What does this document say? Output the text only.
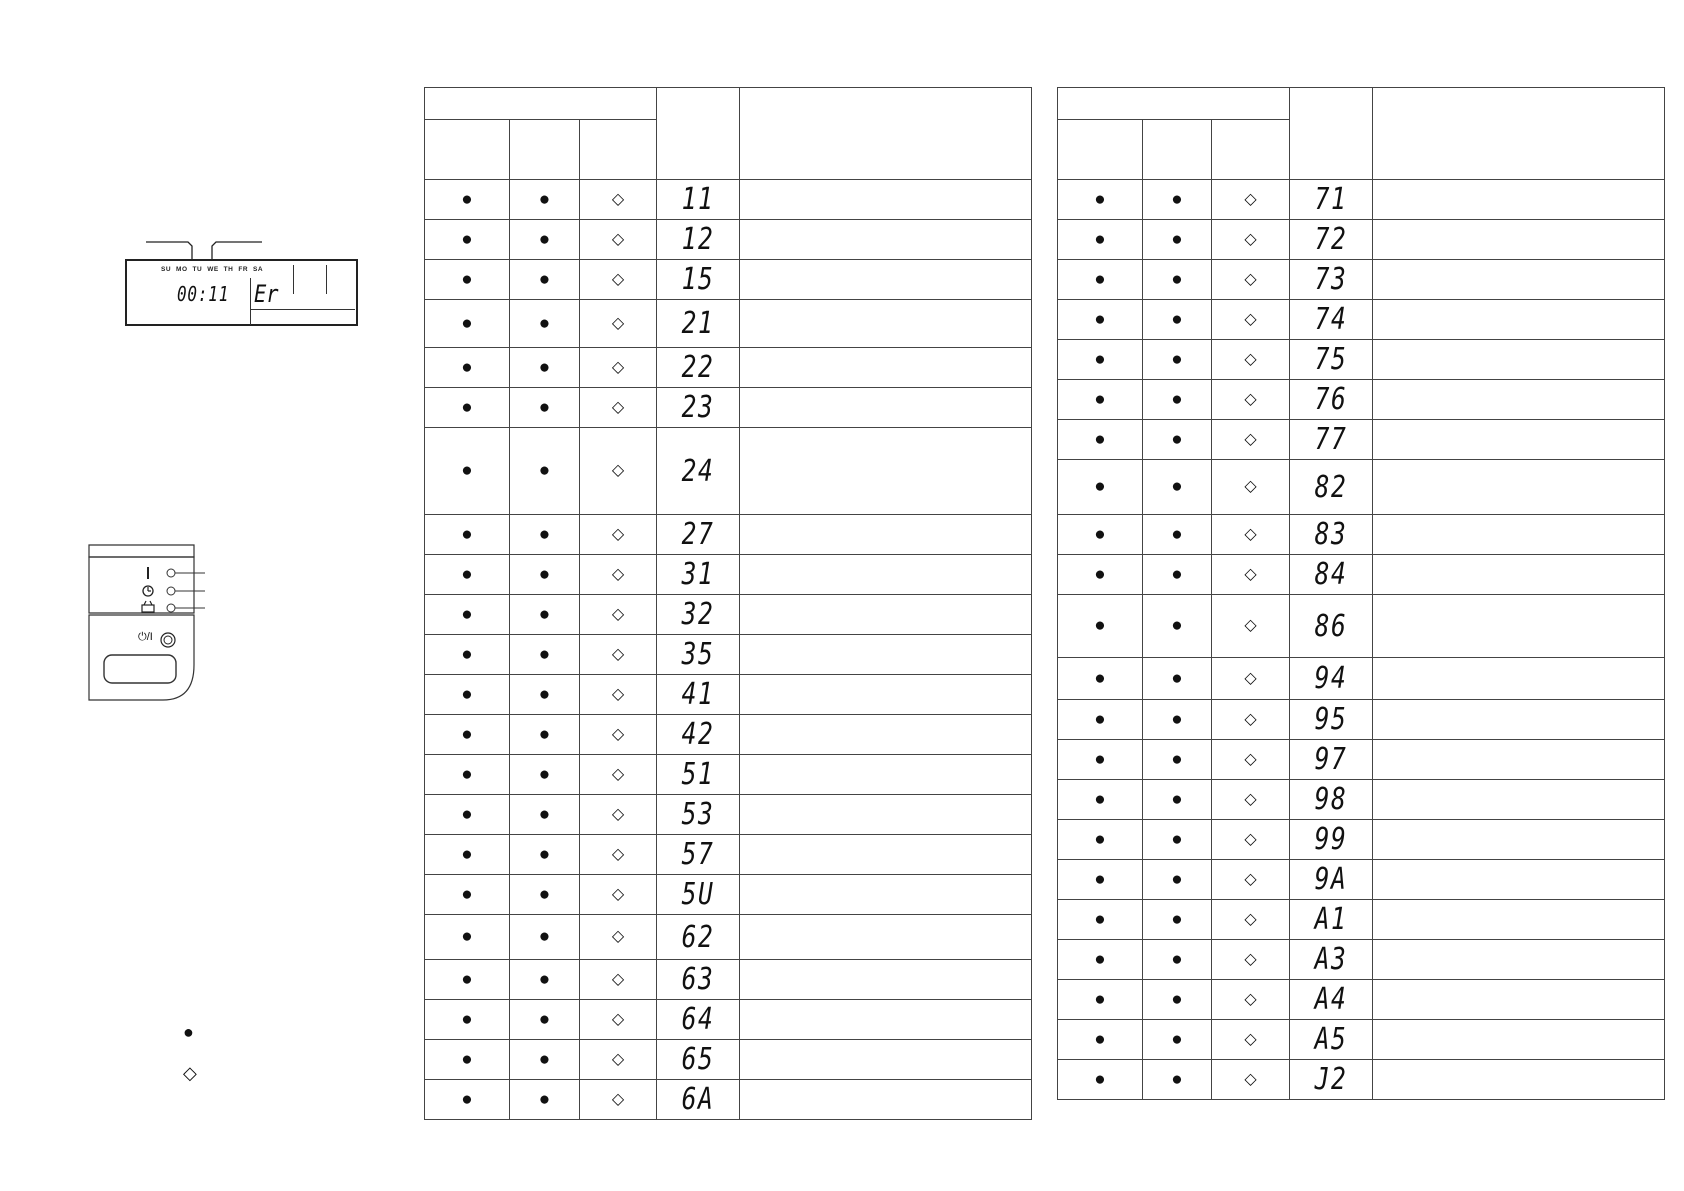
SU MO TU WE TH FR SA
00:11 Er
⏻/I
●
◇

●	●	◇	11	
●	●	◇	12	
●	●	◇	15	
●	●	◇	21	
●	●	◇	22	
●	●	◇	23	
●	●	◇	24	
●	●	◇	27	
●	●	◇	31	
●	●	◇	32	
●	●	◇	35	
●	●	◇	41	
●	●	◇	42	
●	●	◇	51	
●	●	◇	53	
●	●	◇	57	
●	●	◇	5U	
●	●	◇	62	
●	●	◇	63	
●	●	◇	64	
●	●	◇	65	
●	●	◇	6A	

●	●	◇	71	
●	●	◇	72	
●	●	◇	73	
●	●	◇	74	
●	●	◇	75	
●	●	◇	76	
●	●	◇	77	
●	●	◇	82	
●	●	◇	83	
●	●	◇	84	
●	●	◇	86	
●	●	◇	94	
●	●	◇	95	
●	●	◇	97	
●	●	◇	98	
●	●	◇	99	
●	●	◇	9A	
●	●	◇	A1	
●	●	◇	A3	
●	●	◇	A4	
●	●	◇	A5	
●	●	◇	J2	
